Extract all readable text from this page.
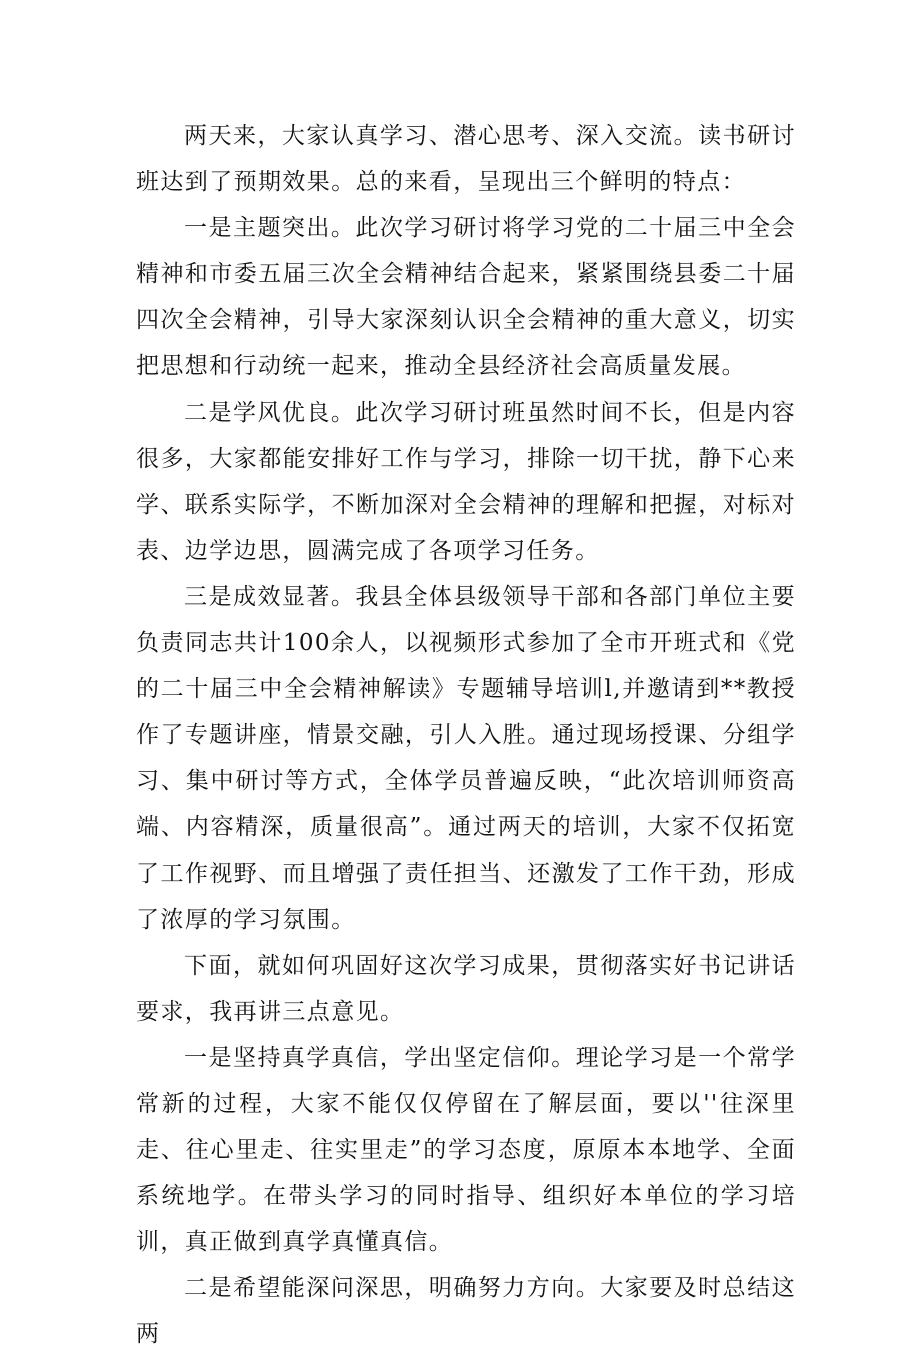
两天来，大家认真学习、潜心思考、深入交流。读书研讨班达到了预期效果。总的来看，呈现出三个鲜明的特点：

一是主题突出。此次学习研讨将学习党的二十届三中全会精神和市委五届三次全会精神结合起来，紧紧围绕县委二十届四次全会精神，引导大家深刻认识全会精神的重大意义，切实把思想和行动统一起来，推动全县经济社会高质量发展。

二是学风优良。此次学习研讨班虽然时间不长，但是内容很多，大家都能安排好工作与学习，排除一切干扰，静下心来学、联系实际学，不断加深对全会精神的理解和把握，对标对表、边学边思，圆满完成了各项学习任务。

三是成效显著。我县全体县级领导干部和各部门单位主要负责同志共计100余人，以视频形式参加了全市开班式和《党的二十届三中全会精神解读》专题辅导培训l,并邀请到**教授作了专题讲座，情景交融，引人入胜。通过现场授课、分组学习、集中研讨等方式，全体学员普遍反映，“此次培训师资高端、内容精深，质量很高”。通过两天的培训，大家不仅拓宽了工作视野、而且增强了责任担当、还激发了工作干劲，形成了浓厚的学习氛围。

下面，就如何巩固好这次学习成果，贯彻落实好书记讲话要求，我再讲三点意见。

一是坚持真学真信，学出坚定信仰。理论学习是一个常学常新的过程，大家不能仅仅停留在了解层面，要以''往深里走、往心里走、往实里走”的学习态度，原原本本地学、全面系统地学。在带头学习的同时指导、组织好本单位的学习培训，真正做到真学真懂真信。

二是希望能深问深思，明确努力方向。大家要及时总结这两
